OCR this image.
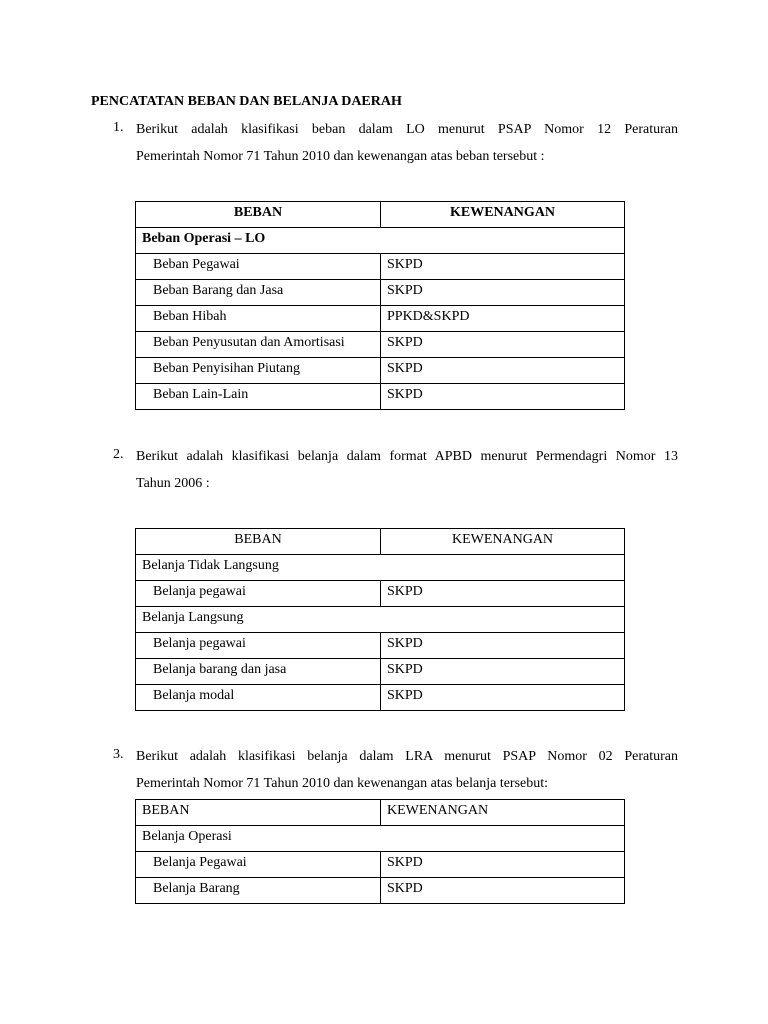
PENCATATAN BEBAN DAN BELANJA DAERAH
1. Berikut adalah klasifikasi beban dalam LO menurut PSAP Nomor 12 Peraturan
Pemerintah Nomor 71 Tahun 2010 dan kewenangan atas beban tersebut :
BEBAN	KEWENANGAN
Beban Operasi – LO	
Beban Pegawai	SKPD
Beban Barang dan Jasa	SKPD
Beban Hibah	PPKD&SKPD
Beban Penyusutan dan Amortisasi	SKPD
Beban Penyisihan Piutang	SKPD
Beban Lain-Lain	SKPD
2. Berikut adalah klasifikasi belanja dalam format APBD menurut Permendagri Nomor 13
Tahun 2006 :
BEBAN	KEWENANGAN
Belanja Tidak Langsung	
Belanja pegawai	SKPD
Belanja Langsung	
Belanja pegawai	SKPD
Belanja barang dan jasa	SKPD
Belanja modal	SKPD
3. Berikut adalah klasifikasi belanja dalam LRA menurut PSAP Nomor 02 Peraturan
Pemerintah Nomor 71 Tahun 2010 dan kewenangan atas belanja tersebut:
BEBAN	KEWENANGAN
Belanja Operasi	
Belanja Pegawai	SKPD
Belanja Barang	SKPD
